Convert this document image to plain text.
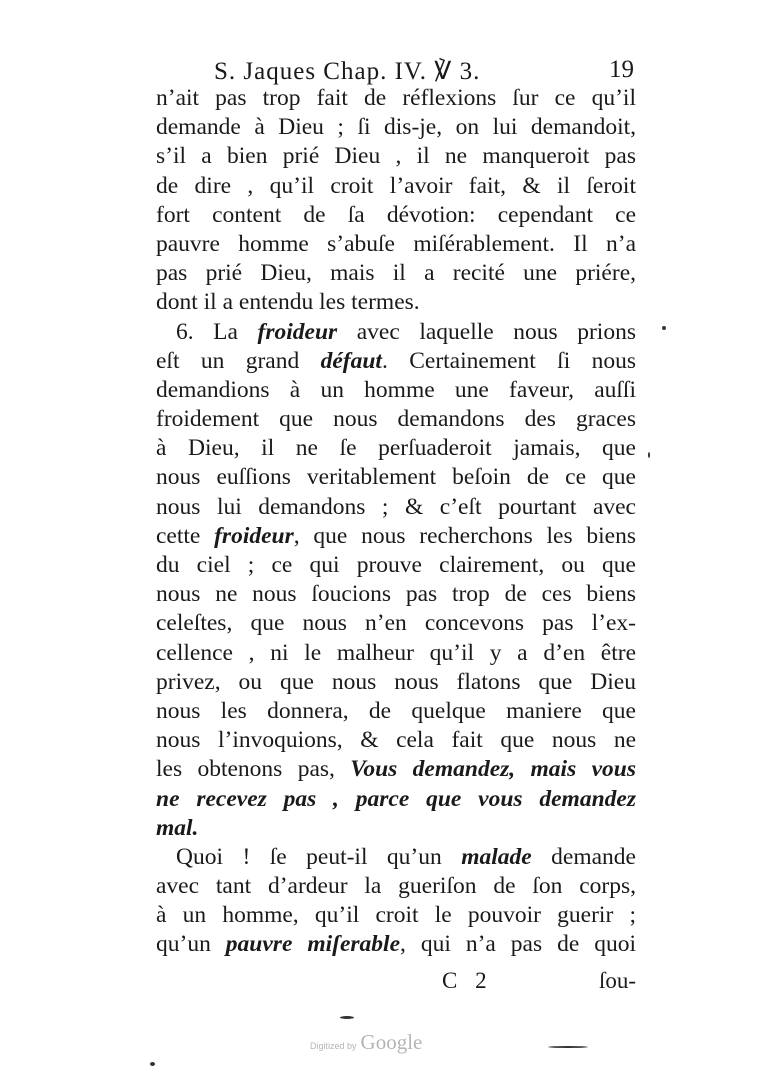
S. Jaques Chap. IV. ℣ 3.	19
n’ait pas trop fait de réflexions ſur ce qu’il
demande à Dieu ; ſi dis-je, on lui demandoit,
s’il a bien prié Dieu , il ne manqueroit pas
de dire , qu’il croit l’avoir fait, & il ſeroit
fort content de ſa dévotion: cependant ce
pauvre homme s’abuſe miſérablement. Il n’a
pas prié Dieu, mais il a recité une priére,
dont il a entendu les termes.
6. La froideur avec laquelle nous prions
eſt un grand défaut. Certainement ſi nous
demandions à un homme une faveur, auſſi
froidement que nous demandons des graces
à Dieu, il ne ſe perſuaderoit jamais, que
nous euſſions veritablement beſoin de ce que
nous lui demandons ; & c’eſt pourtant avec
cette froideur, que nous recherchons les biens
du ciel ; ce qui prouve clairement, ou que
nous ne nous ſoucions pas trop de ces biens
celeſtes, que nous n’en concevons pas l’ex-
cellence , ni le malheur qu’il y a d’en être
privez, ou que nous nous flatons que Dieu
nous les donnera, de quelque maniere que
nous l’invoquions, & cela fait que nous ne
les obtenons pas, Vous demandez, mais vous
ne recevez pas , parce que vous demandez
mal.
Quoi ! ſe peut-il qu’un malade demande
avec tant d’ardeur la gueriſon de ſon corps,
à un homme, qu’il croit le pouvoir guerir ;
qu’un pauvre miſerable, qui n’a pas de quoi
C 2	ſou-
Digitized by Google
